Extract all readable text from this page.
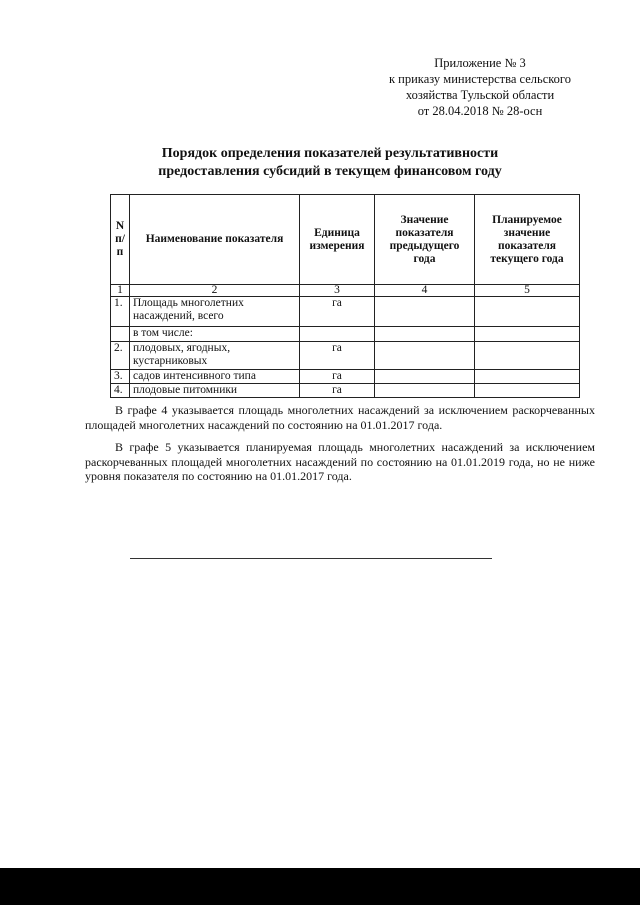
Приложение № 3
к приказу министерства сельского
хозяйства Тульской области
от 28.04.2018 № 28-осн
Порядок определения показателей результативности
предоставления субсидий в текущем финансовом году
N п/п	Наименование показателя	Единица измерения	Значение показателя предыдущего года	Планируемое значение показателя текущего года
1	2	3	4	5
1.	Площадь многолетних насаждений, всего	га		
	в том числе:			
2.	плодовых, ягодных, кустарниковых	га		
3.	садов интенсивного типа	га		
4.	плодовые питомники	га		

В графе 4 указывается площадь многолетних насаждений за исключением раскорчеванных площадей многолетних насаждений по состоянию на 01.01.2017 года.

В графе 5 указывается планируемая площадь многолетних насаждений за исключением раскорчеванных площадей многолетних насаждений по состоянию на 01.01.2019 года, но не ниже уровня показателя по состоянию на 01.01.2017 года.
